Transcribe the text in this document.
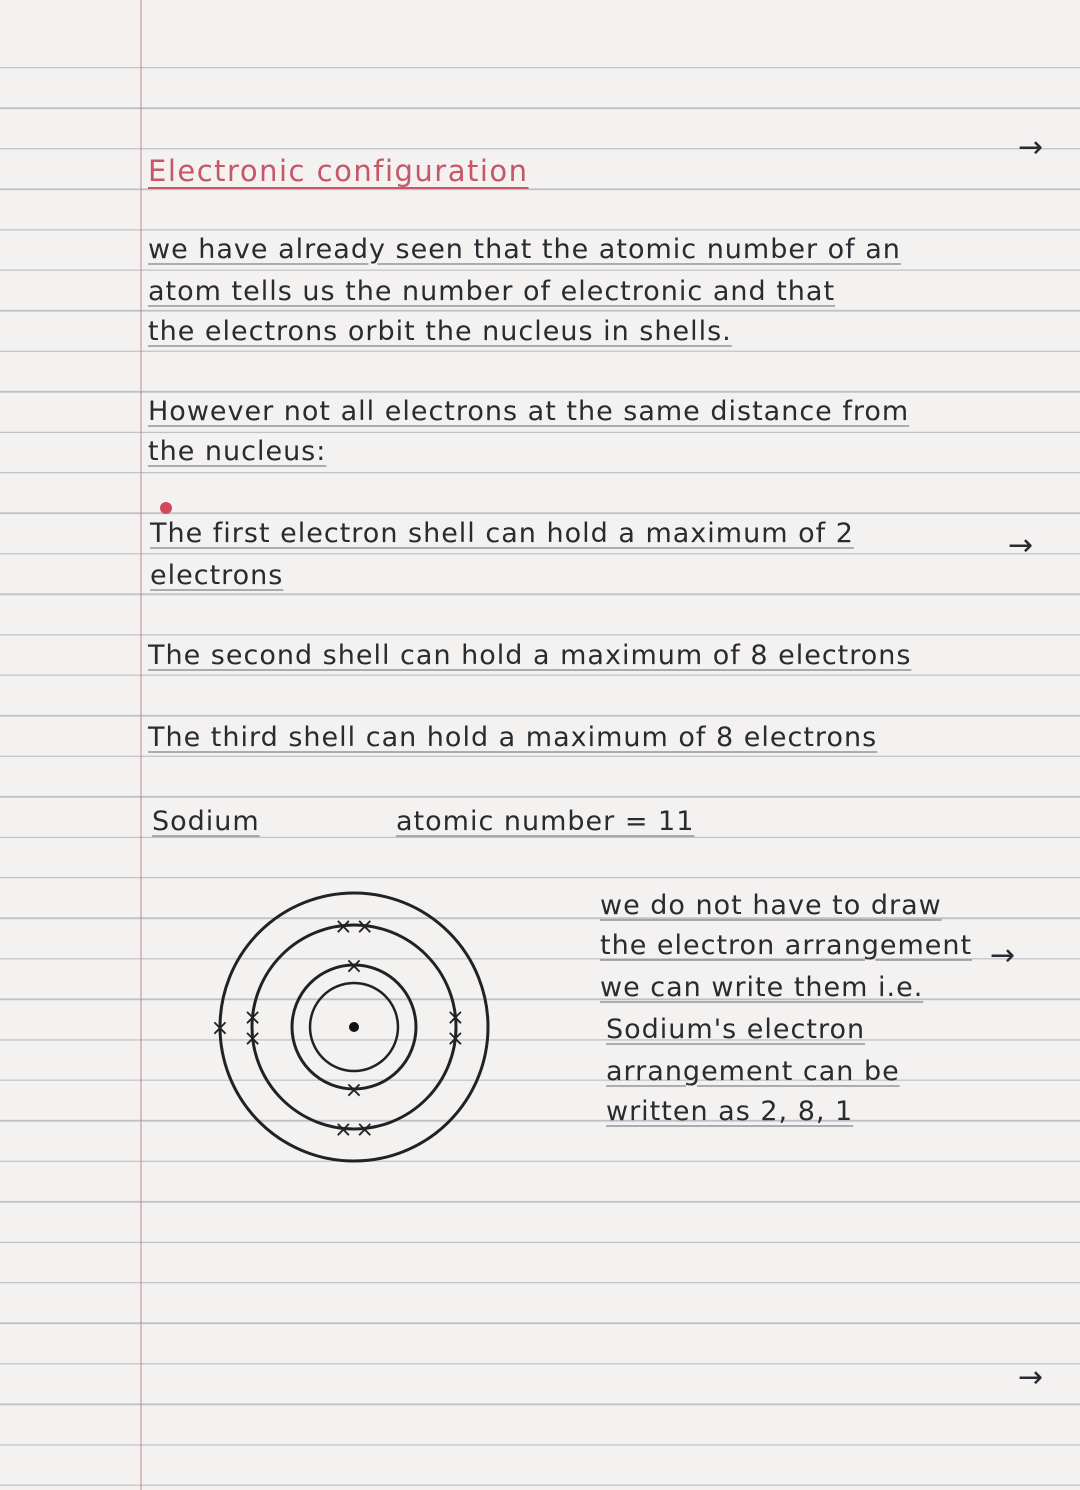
Electronic configuration
→
we have already seen that the atomic number of an
atom tells us the number of electronic and that
the electrons orbit the nucleus in shells.
However not all electrons at the same distance from
the nucleus:
The first electron shell can hold a maximum of 2
electrons
→
The second shell can hold a maximum of 8 electrons
The third shell can hold a maximum of 8 electrons
Sodium	atomic number = 11
×
×
× ×
×
×
×
×
×
×
×
we do not have to draw
the electron arrangement →
we can write them i.e.
Sodium's electron
arrangement can be
written as 2, 8, 1
→
